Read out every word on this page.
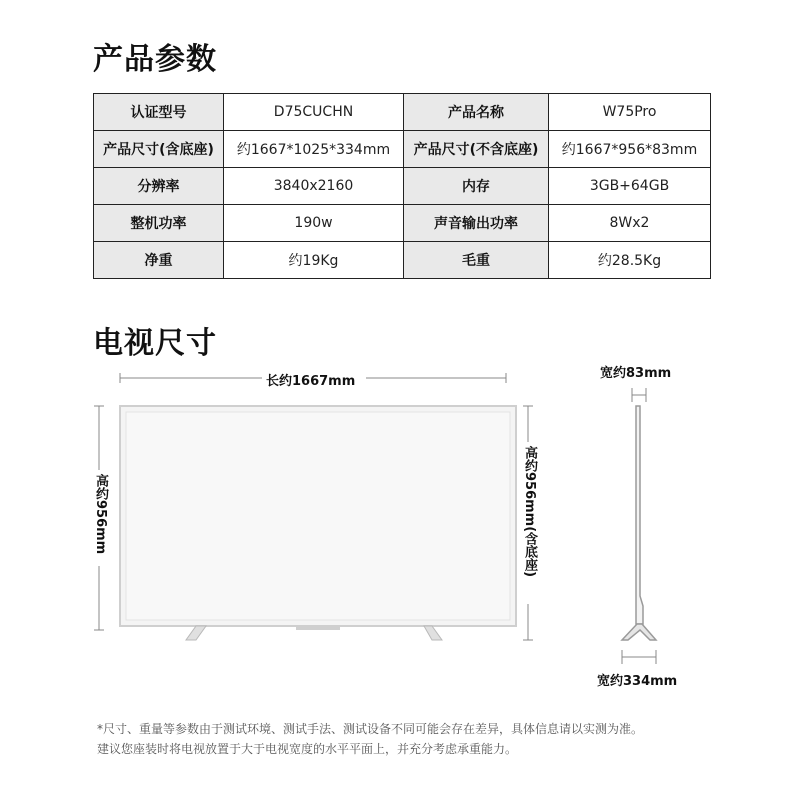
产品参数
认证型号	D75CUCHN	产品名称	W75Pro
产品尺寸(含底座)	约1667*1025*334mm	产品尺寸(不含底座)	约1667*956*83mm
分辨率	3840x2160	内存	3GB+64GB
整机功率	190w	声音输出功率	8Wx2
净重	约19Kg	毛重	约28.5Kg
电视尺寸
长约1667mm
高约956mm	高约956mm(含底座)
宽约83mm
宽约334mm
*尺寸、重量等参数由于测试环境、测试手法、测试设备不同可能会存在差异，具体信息请以实测为准。
建议您座装时将电视放置于大于电视宽度的水平平面上，并充分考虑承重能力。
